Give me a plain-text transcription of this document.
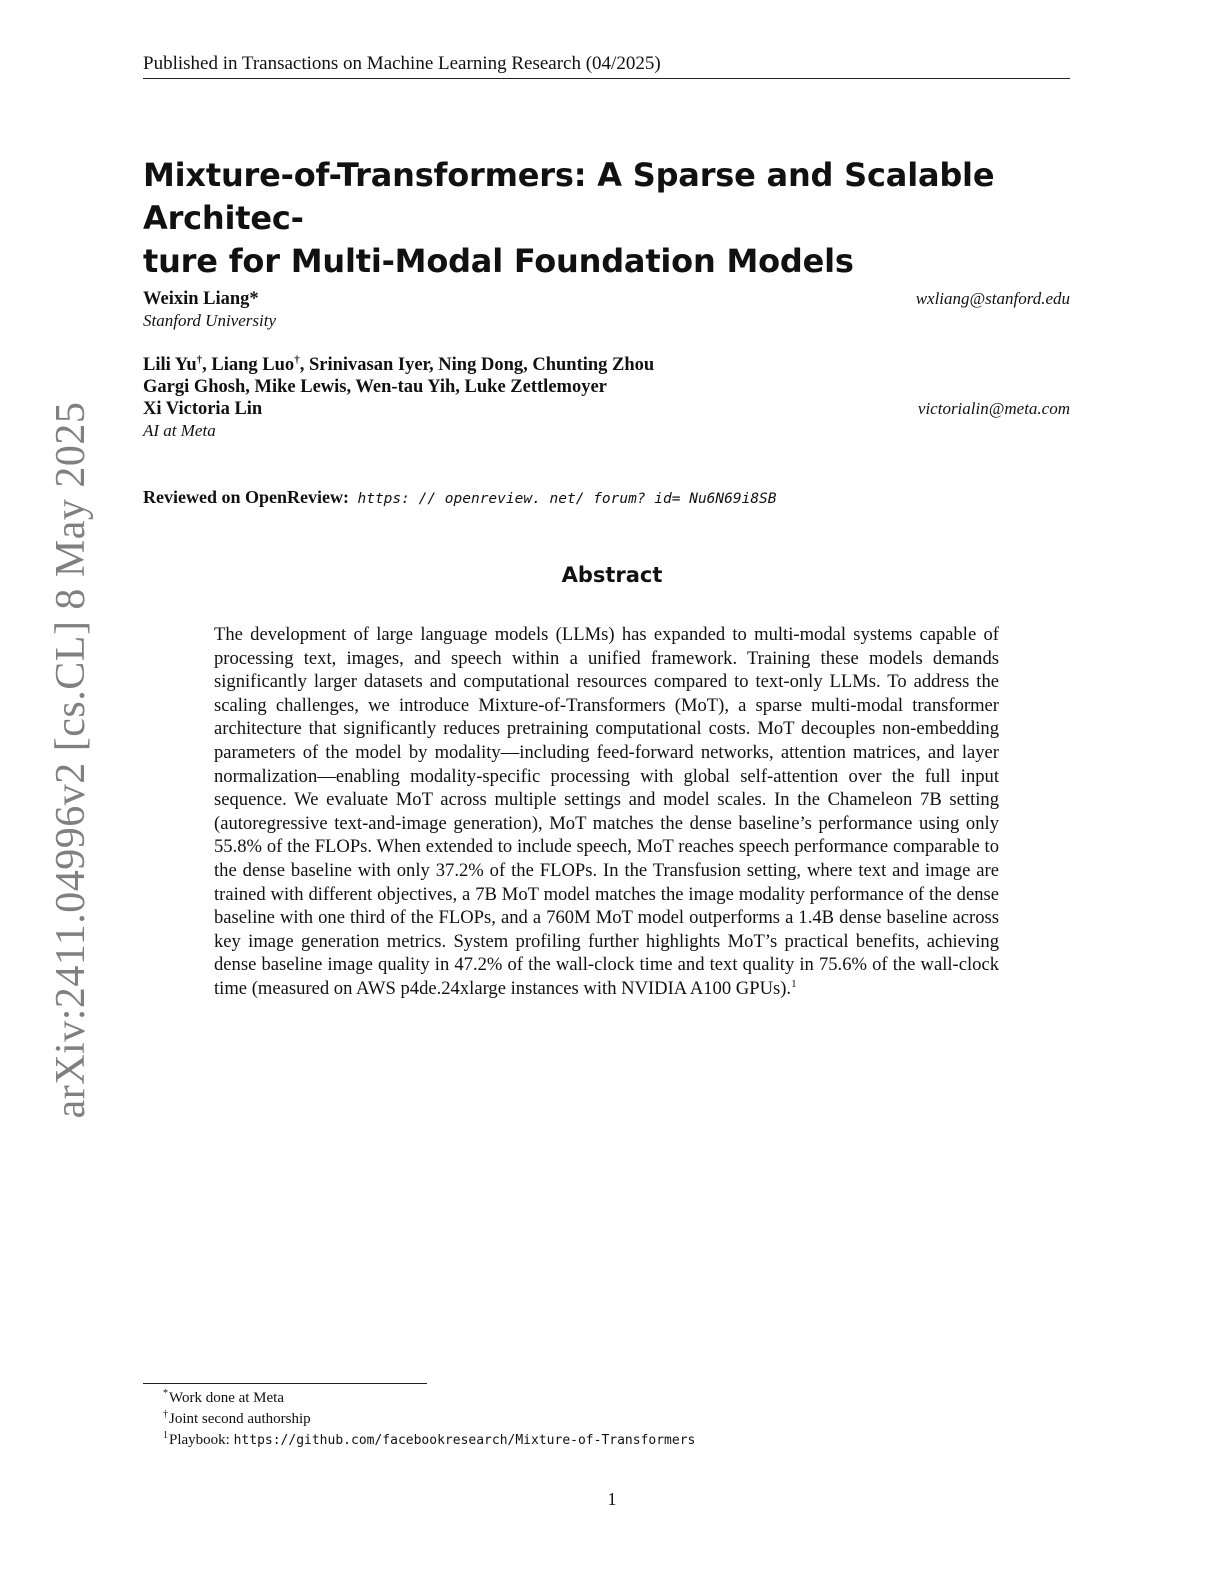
Published in Transactions on Machine Learning Research (04/2025)
Mixture-of-Transformers: A Sparse and Scalable Architec-
ture for Multi-Modal Foundation Models
Weixin Liang*	wxliang@stanford.edu
Stanford University
Lili Yu†, Liang Luo†, Srinivasan Iyer, Ning Dong, Chunting Zhou
Gargi Ghosh, Mike Lewis, Wen-tau Yih, Luke Zettlemoyer
Xi Victoria Lin	victorialin@meta.com
AI at Meta
Reviewed on OpenReview: https: // openreview. net/ forum? id= Nu6N69i8SB
Abstract

The development of large language models (LLMs) has expanded to multi-modal systems capable of processing text, images, and speech within a unified framework. Training these models demands significantly larger datasets and computational resources compared to text-only LLMs. To address the scaling challenges, we introduce Mixture-of-Transformers (MoT), a sparse multi-modal transformer architecture that significantly reduces pretraining computational costs. MoT decouples non-embedding parameters of the model by modality—including feed-forward networks, attention matrices, and layer normalization—enabling modality-specific processing with global self-attention over the full input sequence. We evaluate MoT across multiple settings and model scales. In the Chameleon 7B setting (autoregressive text-and-image generation), MoT matches the dense baseline’s performance using only 55.8% of the FLOPs. When extended to include speech, MoT reaches speech performance comparable to the dense baseline with only 37.2% of the FLOPs. In the Transfusion setting, where text and image are trained with different objectives, a 7B MoT model matches the image modality performance of the dense baseline with one third of the FLOPs, and a 760M MoT model outperforms a 1.4B dense baseline across key image generation metrics. System profiling further highlights MoT’s practical benefits, achieving dense baseline image quality in 47.2% of the wall-clock time and text quality in 75.6% of the wall-clock time (measured on AWS p4de.24xlarge instances with NVIDIA A100 GPUs).$^1$

arXiv:2411.04996v2 [cs.CL] 8 May 2025
*Work done at Meta
†Joint second authorship
$^1$Playbook: https://github.com/facebookresearch/Mixture-of-Transformers
1
